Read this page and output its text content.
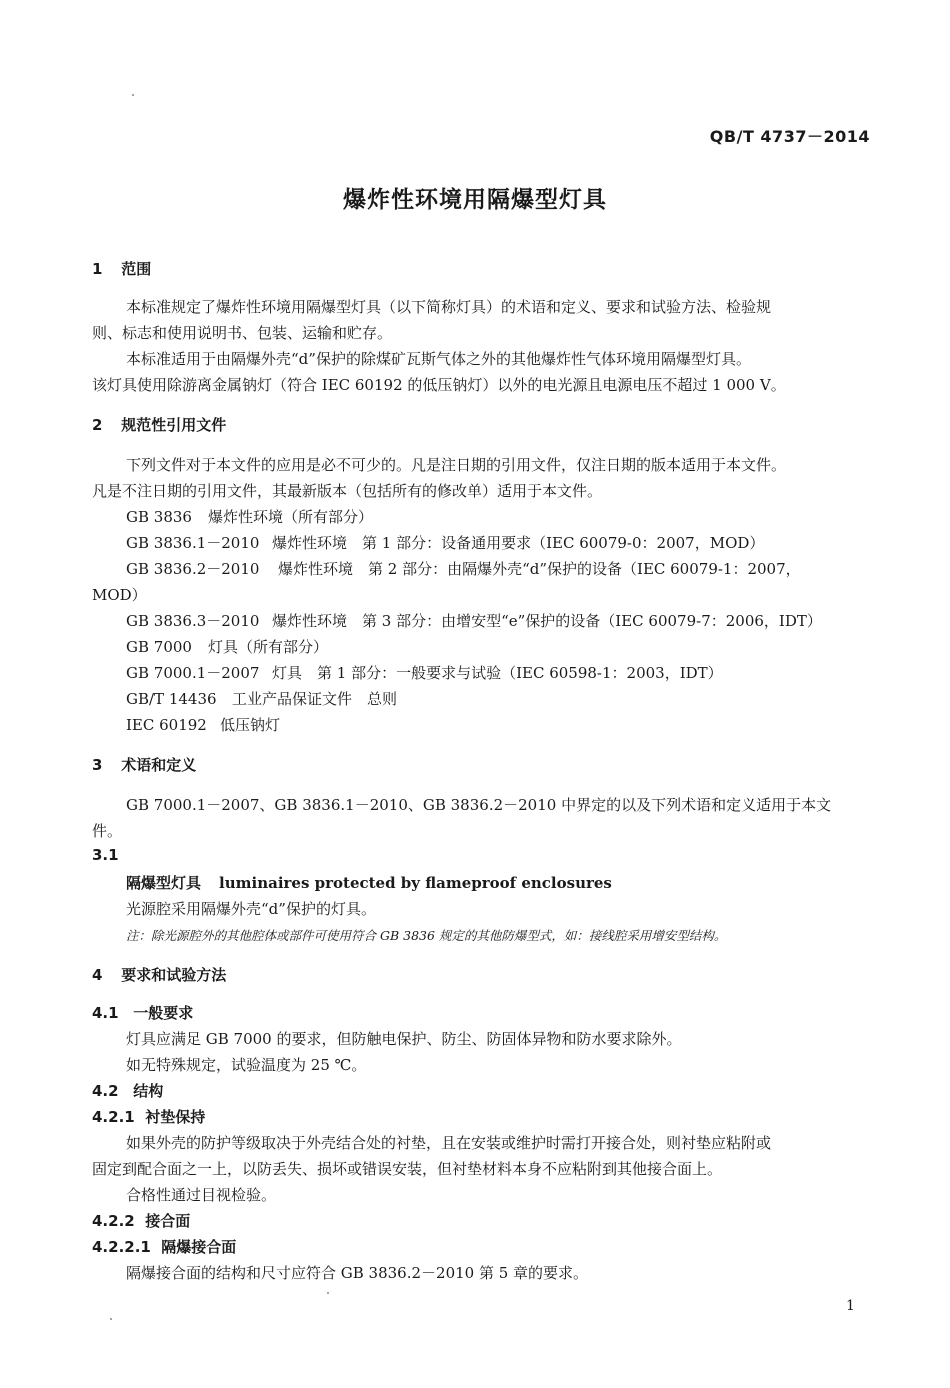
QB/T 4737－2014
爆炸性环境用隔爆型灯具
1 范围
本标准规定了爆炸性环境用隔爆型灯具（以下简称灯具）的术语和定义、要求和试验方法、检验规
则、标志和使用说明书、包装、运输和贮存。
本标准适用于由隔爆外壳“d”保护的除煤矿瓦斯气体之外的其他爆炸性气体环境用隔爆型灯具。
该灯具使用除游离金属钠灯（符合 IEC 60192 的低压钠灯）以外的电光源且电源电压不超过 1 000 V。
2 规范性引用文件
下列文件对于本文件的应用是必不可少的。凡是注日期的引用文件，仅注日期的版本适用于本文件。
凡是不注日期的引用文件，其最新版本（包括所有的修改单）适用于本文件。
GB 3836 爆炸性环境（所有部分）
GB 3836.1－2010 爆炸性环境　第 1 部分：设备通用要求（IEC 60079-0：2007，MOD）
GB 3836.2－2010 爆炸性环境　第 2 部分：由隔爆外壳“d”保护的设备（IEC 60079-1：2007，
MOD）
GB 3836.3－2010 爆炸性环境　第 3 部分：由增安型“e”保护的设备（IEC 60079-7：2006，IDT）
GB 7000 灯具（所有部分）
GB 7000.1－2007 灯具　第 1 部分：一般要求与试验（IEC 60598-1：2003，IDT）
GB/T 14436 工业产品保证文件　总则
IEC 60192 低压钠灯
3 术语和定义
GB 7000.1－2007、GB 3836.1－2010、GB 3836.2－2010 中界定的以及下列术语和定义适用于本文
件。
3.1
隔爆型灯具 luminaires protected by flameproof enclosures
光源腔采用隔爆外壳“d”保护的灯具。
注：除光源腔外的其他腔体或部件可使用符合 GB 3836 规定的其他防爆型式，如：接线腔采用增安型结构。
4 要求和试验方法
4.1 一般要求
灯具应满足 GB 7000 的要求，但防触电保护、防尘、防固体异物和防水要求除外。
如无特殊规定，试验温度为 25 ℃。
4.2 结构
4.2.1 衬垫保持
如果外壳的防护等级取决于外壳结合处的衬垫，且在安装或维护时需打开接合处，则衬垫应粘附或
固定到配合面之一上，以防丢失、损坏或错误安装，但衬垫材料本身不应粘附到其他接合面上。
合格性通过目视检验。
4.2.2 接合面
4.2.2.1 隔爆接合面
隔爆接合面的结构和尺寸应符合 GB 3836.2－2010 第 5 章的要求。
1
